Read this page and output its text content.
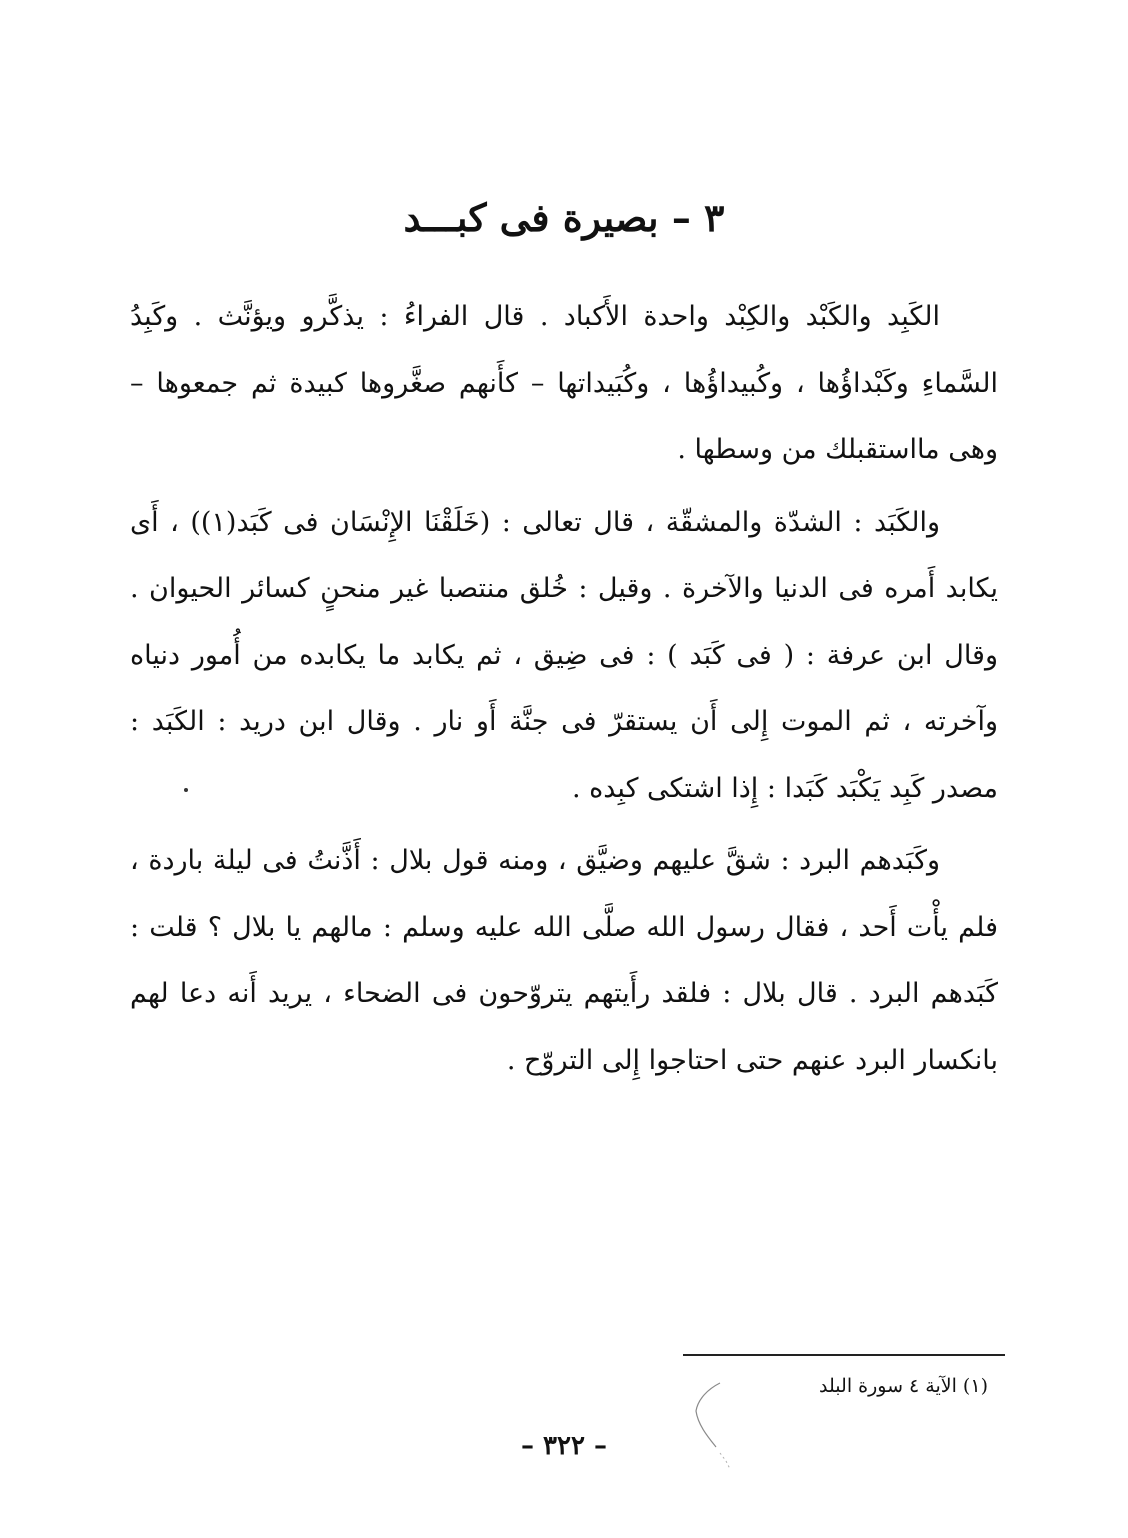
٣ – بصيرة فى كبـــد

الكَبِد والكَبْد والكِبْد واحدة الأَكباد . قال الفراءُ : يذكَّرو ويؤنَّث . وكَبِدُ السَّماءِ وكَبْداؤُها ، وكُبيداؤُها ، وكُبَيداتها – كأَنهم صغَّروها كبيدة ثم جمعوها – وهى مااستقبلك من وسطها .

والكَبَد : الشدّة والمشقّة ، قال تعالى : (خَلَقْنَا الإِنْسَان فى كَبَد(١)) ، أَى يكابد أَمره فى الدنيا والآخرة . وقيل : خُلق منتصبا غير منحنٍ كسائر الحيوان . وقال ابن عرفة : ( فى كَبَد ) : فى ضِيق ، ثم يكابد ما يكابده من أُمور دنياه وآخرته ، ثم الموت إِلى أَن يستقرّ فى جنَّة أَو نار . وقال ابن دريد : الكَبَد : مصدر كَبِد يَكْبَد كَبَدا : إِذا اشتكى كبِده .

وكَبَدهم البرد : شقَّ عليهم وضيَّق ، ومنه قول بلال : أَذَّنتُ فى ليلة باردة ، فلم يأْت أَحد ، فقال رسول الله صلَّى الله عليه وسلم : مالهم يا بلال ؟ قلت : كَبَدهم البرد . قال بلال : فلقد رأَيتهم يتروّحون فى الضحاء ، يريد أَنه دعا لهم بانكسار البرد عنهم حتى احتاجوا إِلى التروّح .

(١) الآية ٤ سورة البلد
– ٣٢٢ –
